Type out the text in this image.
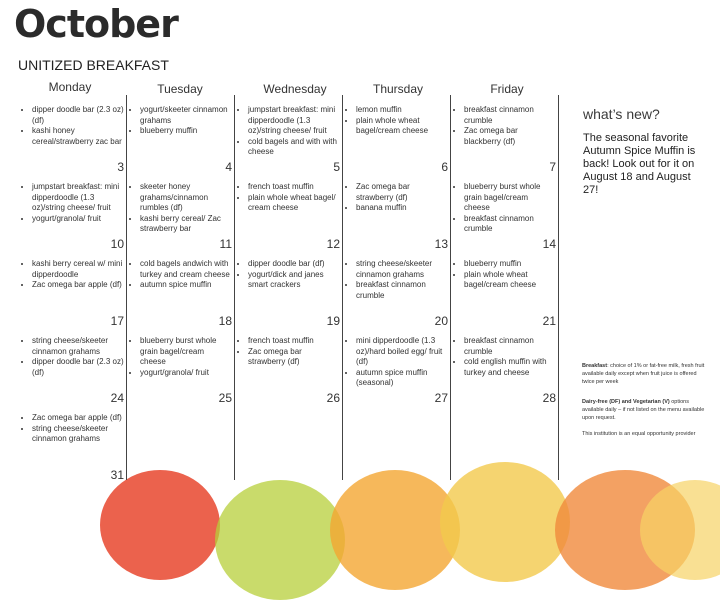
October
UNITIZED BREAKFAST
Monday	Tuesday	Wednesday	Thursday	Friday
• dipper doodle bar (2.3 oz) (df)
• kashi honey cereal/strawberry zac bar
3
• yogurt/skeeter cinnamon grahams
• blueberry muffin
4
• jumpstart breakfast: mini dipperdoodle (1.3 oz)/string cheese/ fruit
• cold bagels and with with cheese
5
• lemon muffin
• plain whole wheat bagel/cream cheese
6
• breakfast cinnamon crumble
• Zac omega bar blackberry (df)
7
• jumpstart breakfast: mini dipperdoodle (1.3 oz)/string cheese/ fruit
• yogurt/granola/ fruit
10
• skeeter honey grahams/cinnamon rumbles (df)
• kashi berry cereal/ Zac strawberry bar
11
• french toast muffin
• plain whole wheat bagel/ cream cheese
12
• Zac omega bar strawberry (df)
• banana muffin
13
• blueberry burst whole grain bagel/cream cheese
• breakfast cinnamon crumble
14
• kashi berry cereal w/ mini dipperdoodle
• Zac omega bar apple (df)
17
• cold bagels andwich with turkey and cream cheese
• autumn spice muffin
18
• dipper doodle bar (df)
• yogurt/dick and janes smart crackers
19
• string cheese/skeeter cinnamon grahams
• breakfast cinnamon crumble
20
• blueberry muffin
• plain whole wheat bagel/cream cheese
21
• string cheese/skeeter cinnamon grahams
• dipper doodle bar (2.3 oz) (df)
24
• blueberry burst whole grain bagel/cream cheese
• yogurt/granola/ fruit
25
• french toast muffin
• Zac omega bar strawberry (df)
26
• mini dipperdoodle (1.3 oz)/hard boiled egg/ fruit (df)
• autumn spice muffin (seasonal)
27
• breakfast cinnamon crumble
• cold english muffin with turkey and cheese
28
• Zac omega bar apple (df)
• string cheese/skeeter cinnamon grahams
31
what’s new?
The seasonal favorite Autumn Spice Muffin is back! Look out for it on August 18 and August 27!
Breakfast: choice of 1% or fat-free milk, fresh fruit available daily except when fruit juice is offered twice per week
Dairy-free (DF) and Vegetarian (V) options available daily – if not listed on the menu available upon request.
This institution is an equal opportunity provider
